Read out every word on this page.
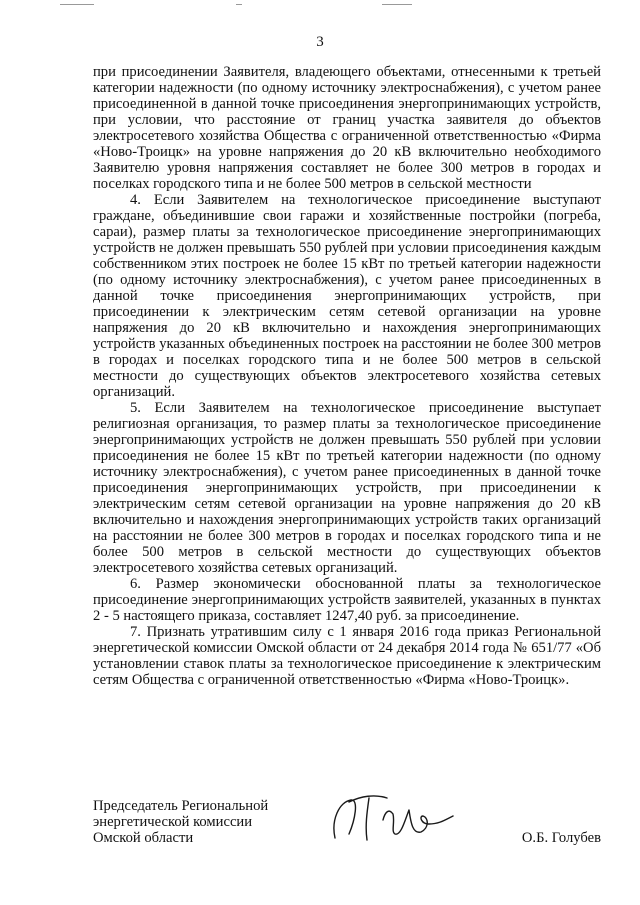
3

при присоединении Заявителя, владеющего объектами, отнесенными к третьей категории надежности (по одному источнику электроснабжения), с учетом ранее присоединенной в данной точке присоединения энергопринимающих устройств, при условии, что расстояние от границ участка заявителя до объектов электросетевого хозяйства Общества с ограниченной ответственностью «Фирма «Ново-Троицк» на уровне напряжения до 20 кВ включительно необходимого Заявителю уровня напряжения составляет не более 300 метров в городах и поселках городского типа и не более 500 метров в сельской местности

4. Если Заявителем на технологическое присоединение выступают граждане, объединившие свои гаражи и хозяйственные постройки (погреба, сараи), размер платы за технологическое присоединение энергопринимающих устройств не должен превышать 550 рублей при условии присоединения каждым собственником этих построек не более 15 кВт по третьей категории надежности (по одному источнику электроснабжения), с учетом ранее присоединенных в данной точке присоединения энергопринимающих устройств, при присоединении к электрическим сетям сетевой организации на уровне напряжения до 20 кВ включительно и нахождения энергопринимающих устройств указанных объединенных построек на расстоянии не более 300 метров в городах и поселках городского типа и не более 500 метров в сельской местности до существующих объектов электросетевого хозяйства сетевых организаций.

5. Если Заявителем на технологическое присоединение выступает религиозная организация, то размер платы за технологическое присоединение энергопринимающих устройств не должен превышать 550 рублей при условии присоединения не более 15 кВт по третьей категории надежности (по одному источнику электроснабжения), с учетом ранее присоединенных в данной точке присоединения энергопринимающих устройств, при присоединении к электрическим сетям сетевой организации на уровне напряжения до 20 кВ включительно и нахождения энергопринимающих устройств таких организаций на расстоянии не более 300 метров в городах и поселках городского типа и не более 500 метров в сельской местности до существующих объектов электросетевого хозяйства сетевых организаций.

6. Размер экономически обоснованной платы за технологическое присоединение энергопринимающих устройств заявителей, указанных в пунктах 2 - 5 настоящего приказа, составляет 1247,40 руб. за присоединение.

7. Признать утратившим силу с 1 января 2016 года приказ Региональной энергетической комиссии Омской области от 24 декабря 2014 года № 651/77 «Об установлении ставок платы за технологическое присоединение к электрическим сетям Общества с ограниченной ответственностью «Фирма «Ново-Троицк».

Председатель Региональной
энергетической комиссии
Омской области	О.Б. Голубев
